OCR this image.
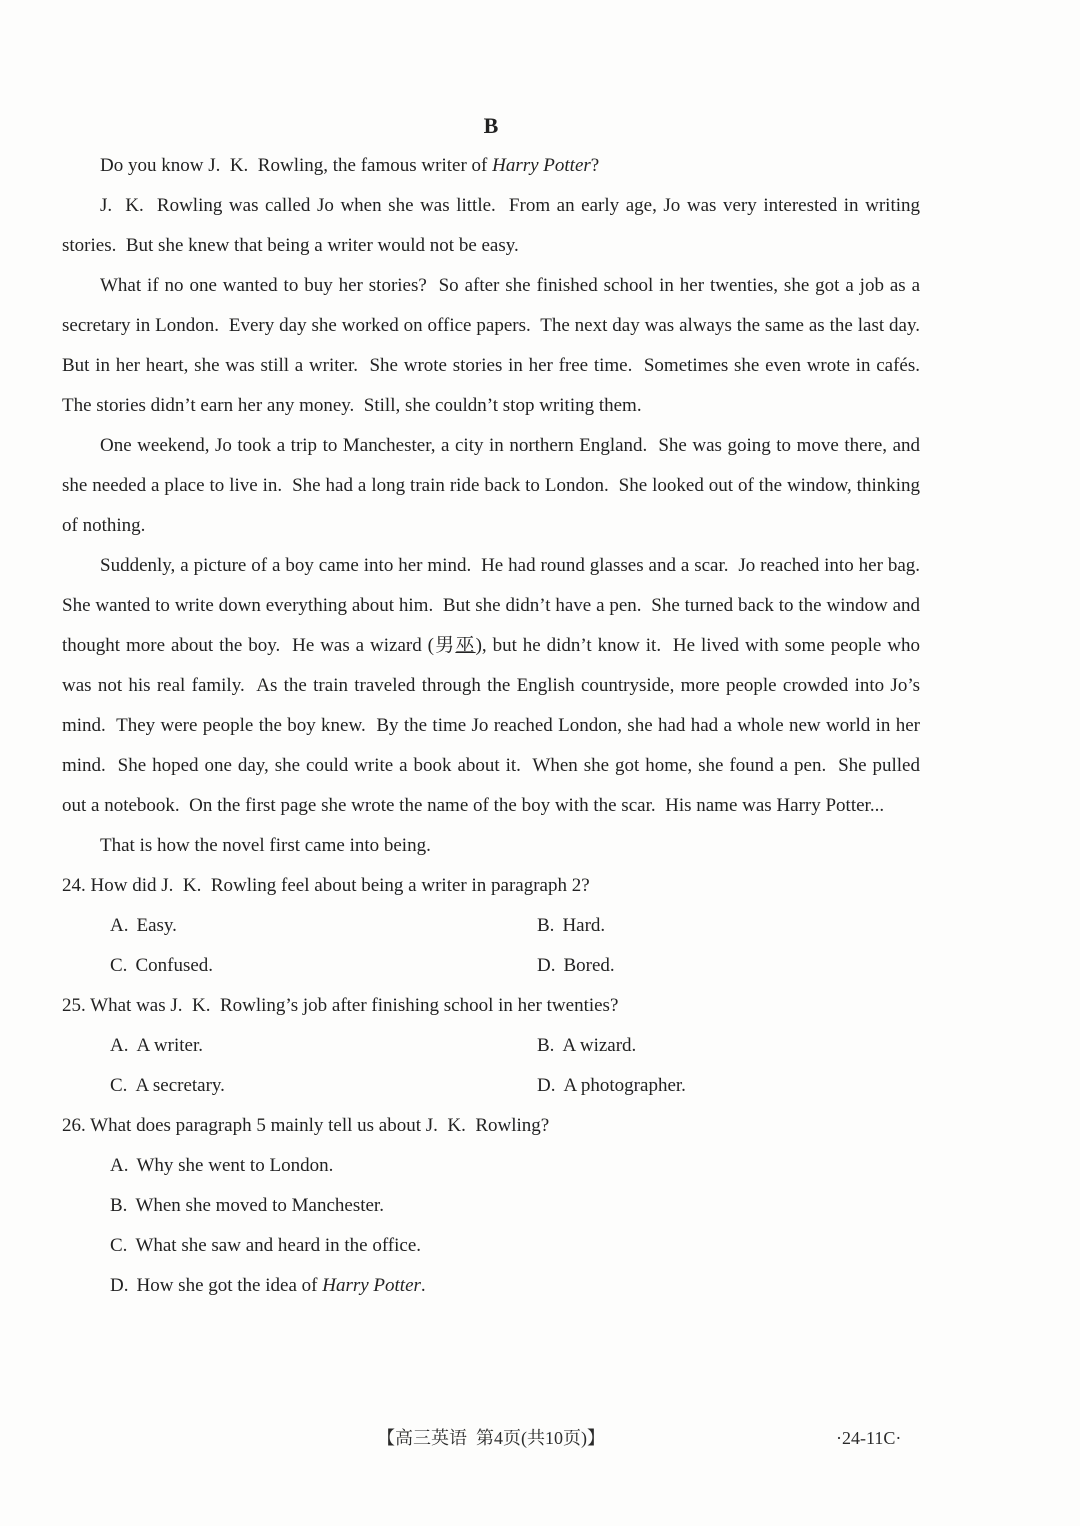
B

Do you know J.  K.  Rowling, the famous writer of Harry Potter?

J.  K.  Rowling was called Jo when she was little.  From an early age, Jo was very interested in writing stories.  But she knew that being a writer would not be easy.

What if no one wanted to buy her stories?  So after she finished school in her twenties, she got a job as a secretary in London.  Every day she worked on office papers.  The next day was always the same as the last day.  But in her heart, she was still a writer.  She wrote stories in her free time.  Sometimes she even wrote in cafés.  The stories didn’t earn her any money.  Still, she couldn’t stop writing them.

One weekend, Jo took a trip to Manchester, a city in northern England.  She was going to move there, and she needed a place to live in.  She had a long train ride back to London.  She looked out of the window, thinking of nothing.

Suddenly, a picture of a boy came into her mind.  He had round glasses and a scar.  Jo reached into her bag.  She wanted to write down everything about him.  But she didn’t have a pen.  She turned back to the window and thought more about the boy.  He was a wizard (男巫), but he didn’t know it.  He lived with some people who was not his real family.  As the train traveled through the English countryside, more people crowded into Jo’s mind.  They were people the boy knew.  By the time Jo reached London, she had had a whole new world in her mind.  She hoped one day, she could write a book about it.  When she got home, she found a pen.  She pulled out a notebook.  On the first page she wrote the name of the boy with the scar.  His name was Harry Potter...

That is how the novel first came into being.

24. How did J.  K.  Rowling feel about being a writer in paragraph 2?
A. Easy.	B. Hard.
C. Confused.	D. Bored.
25. What was J.  K.  Rowling’s job after finishing school in her twenties?
A. A writer.	B. A wizard.
C. A secretary.	D. A photographer.
26. What does paragraph 5 mainly tell us about J.  K.  Rowling?
A. Why she went to London.
B. When she moved to Manchester.
C. What she saw and heard in the office.
D. How she got the idea of Harry Potter.
【高三英语  第4页(共10页)】	·24-11C·
